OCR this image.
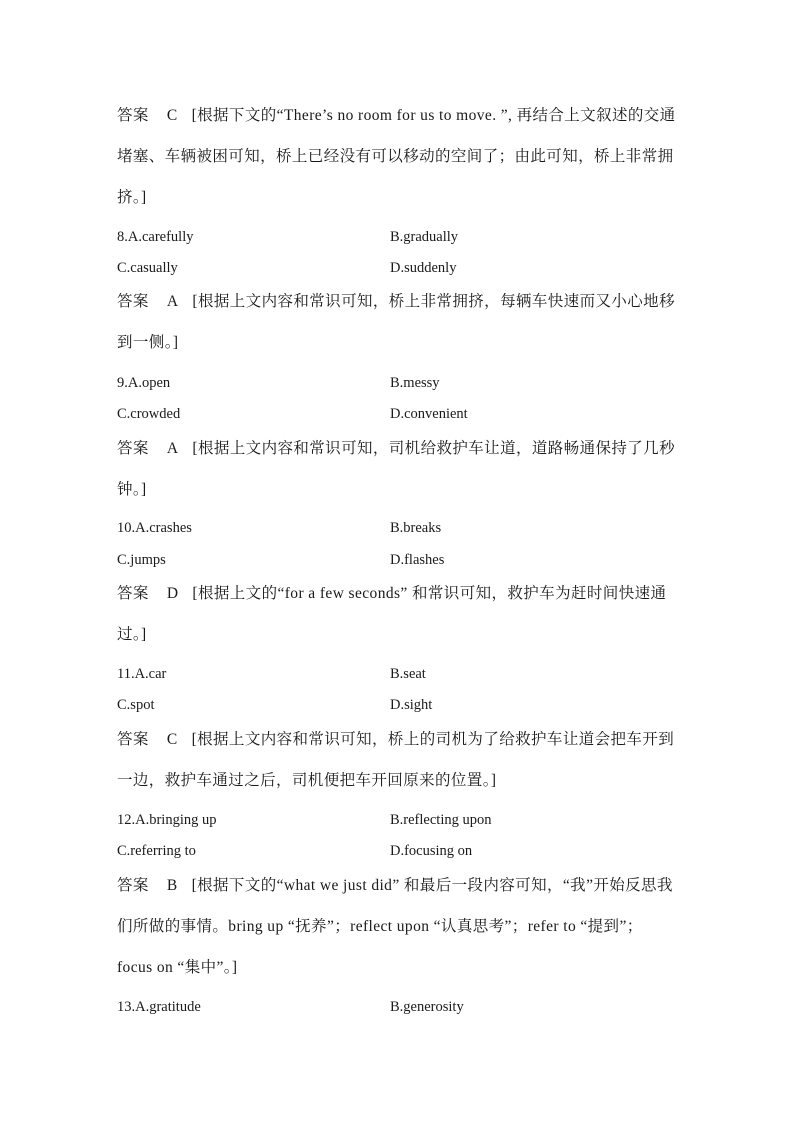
答案 C [根据下文的“There’s no room for us to move. ”, 再结合上文叙述的交通
堵塞、车辆被困可知，桥上已经没有可以移动的空间了；由此可知，桥上非常拥
挤。]
8.A.carefully	B.gradually
C.casually	D.suddenly
答案 A [根据上文内容和常识可知，桥上非常拥挤，每辆车快速而又小心地移
到一侧。]
9.A.open	B.messy
C.crowded	D.convenient
答案 A [根据上文内容和常识可知，司机给救护车让道，道路畅通保持了几秒
钟。]
10.A.crashes	B.breaks
C.jumps	D.flashes
答案 D [根据上文的“for a few seconds” 和常识可知，救护车为赶时间快速通
过。]
11.A.car	B.seat
C.spot	D.sight
答案 C [根据上文内容和常识可知，桥上的司机为了给救护车让道会把车开到
一边，救护车通过之后，司机便把车开回原来的位置。]
12.A.bringing up	B.reflecting upon
C.referring to	D.focusing on
答案 B [根据下文的“what we just did” 和最后一段内容可知，“我”开始反思我
们所做的事情。bring up “抚养”；reflect upon “认真思考”；refer to “提到”；
focus on “集中”。]
13.A.gratitude	B.generosity
